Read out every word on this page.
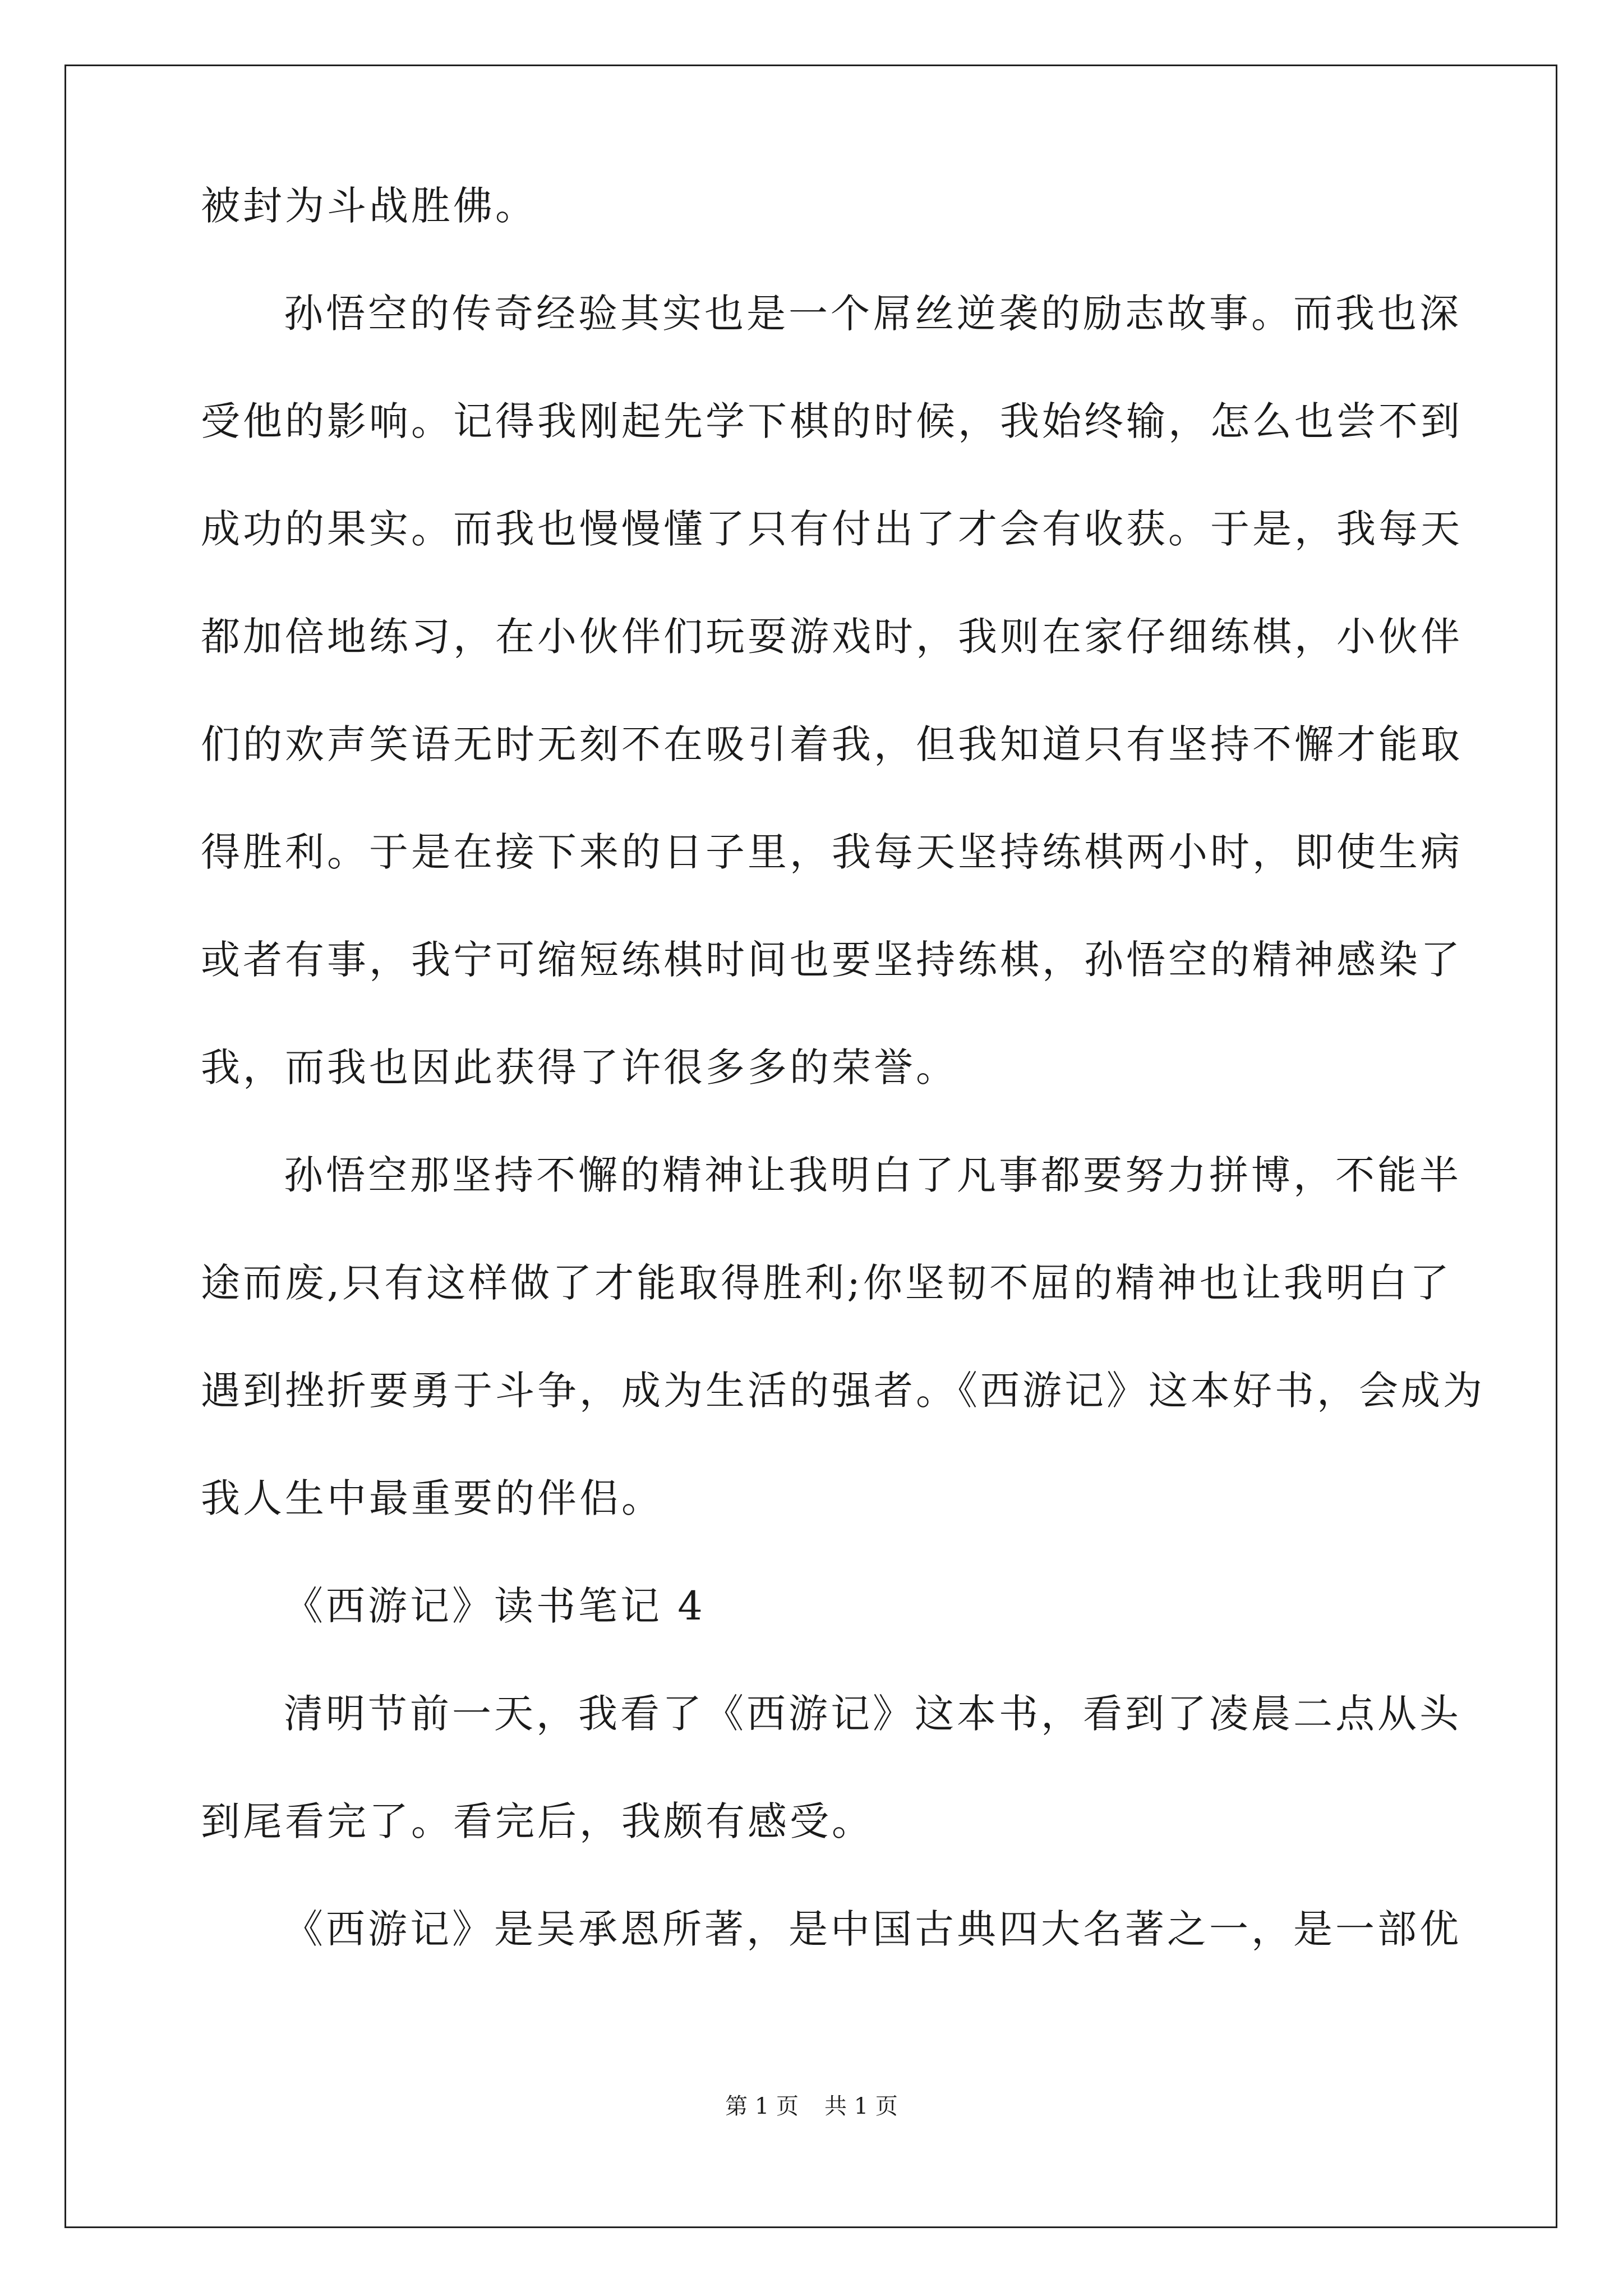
被封为斗战胜佛。
孙悟空的传奇经验其实也是一个屌丝逆袭的励志故事。而我也深
受他的影响。记得我刚起先学下棋的时候，我始终输，怎么也尝不到
成功的果实。而我也慢慢懂了只有付出了才会有收获。于是，我每天
都加倍地练习，在小伙伴们玩耍游戏时，我则在家仔细练棋，小伙伴
们的欢声笑语无时无刻不在吸引着我，但我知道只有坚持不懈才能取
得胜利。于是在接下来的日子里，我每天坚持练棋两小时，即使生病
或者有事，我宁可缩短练棋时间也要坚持练棋，孙悟空的精神感染了
我，而我也因此获得了许很多多的荣誉。
孙悟空那坚持不懈的精神让我明白了凡事都要努力拼博，不能半
途而废,只有这样做了才能取得胜利;你坚韧不屈的精神也让我明白了
遇到挫折要勇于斗争，成为生活的强者。《西游记》这本好书，会成为
我人生中最重要的伴侣。
《西游记》读书笔记 4
清明节前一天，我看了《西游记》这本书，看到了凌晨二点从头
到尾看完了。看完后，我颇有感受。
《西游记》是吴承恩所著，是中国古典四大名著之一，是一部优
第 1 页 共 1 页
